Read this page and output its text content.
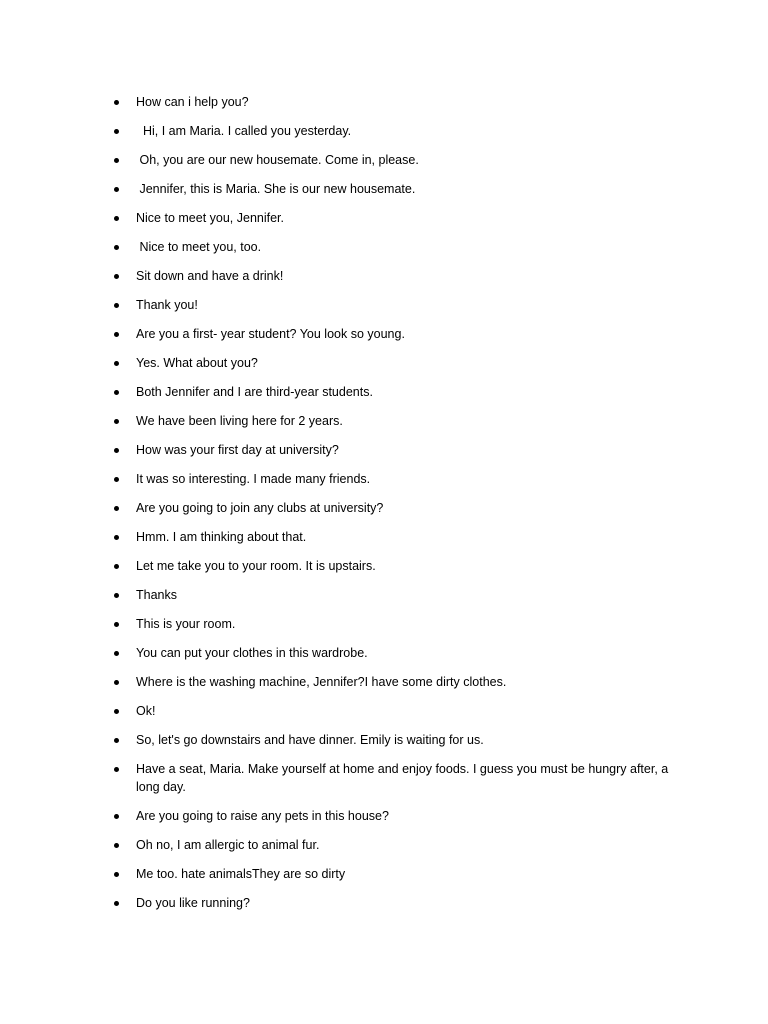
How can i help you?
Hi, I am Maria. I called you yesterday.
Oh, you are our new housemate. Come in, please.
Jennifer, this is Maria. She is our new housemate.
Nice to meet you, Jennifer.
Nice to meet you, too.
Sit down and have a drink!
Thank you!
Are you a first- year student? You look so young.
Yes. What about you?
Both Jennifer and I are third-year students.
We have been living here for 2 years.
How was your first day at university?
It was so interesting. I made many friends.
Are you going to join any clubs at university?
Hmm. I am thinking about that.
Let me take you to your room. It is upstairs.
Thanks
This is your room.
You can put your clothes in this wardrobe.
Where is the washing machine, Jennifer?I have some dirty clothes.
Ok!
So, let's go downstairs and have dinner. Emily is waiting for us.
Have a seat, Maria. Make yourself at home and enjoy foods. I guess you must be hungry after, a long day.
Are you going to raise any pets in this house?
Oh no, I am allergic to animal fur.
Me too. hate animalsThey are so dirty
Do you like running?
